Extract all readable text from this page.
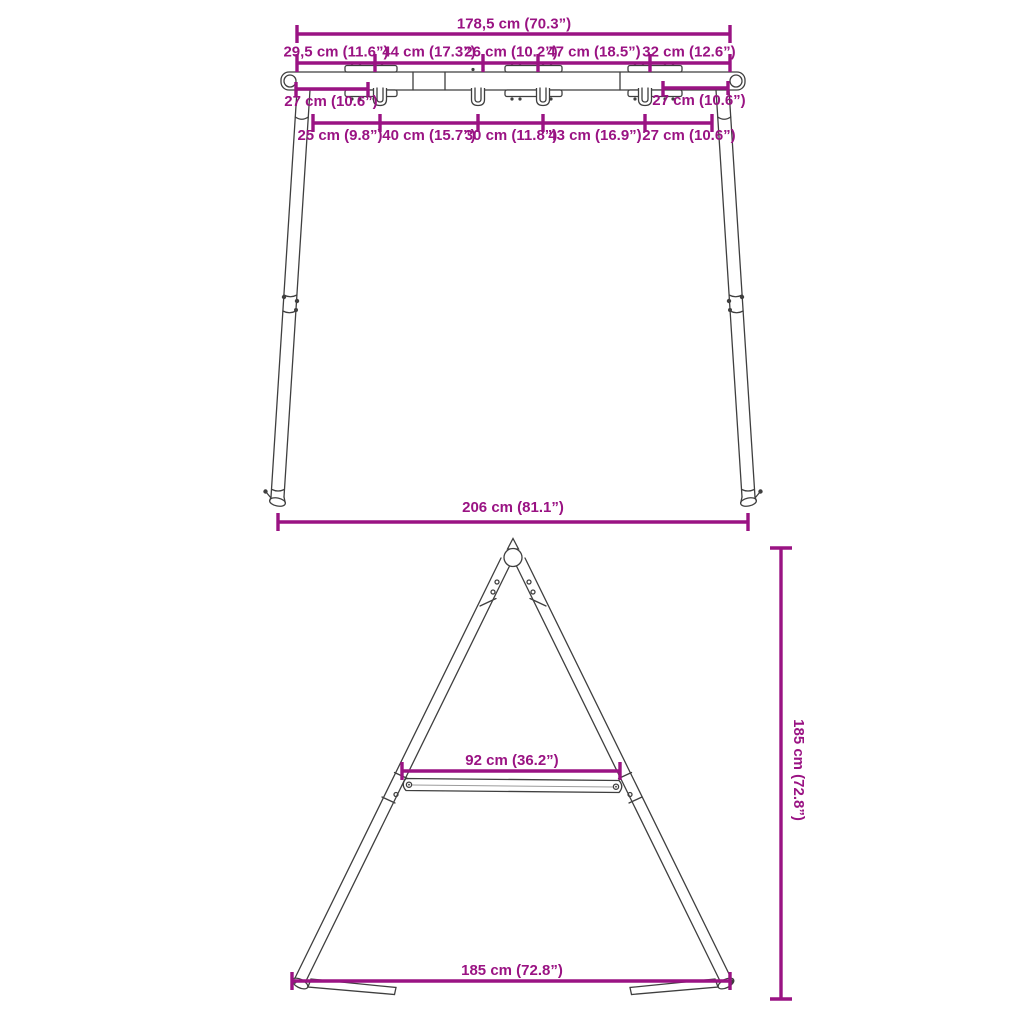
178,5 cm (70.3”)
29,5 cm (11.6”)
44 cm (17.3”)
26 cm (10.2”)
47 cm (18.5”) 32 cm (12.6”)
27 cm (10.6”)	27 cm (10.6”)
25 cm (9.8”) 40 cm (15.7”)
30 cm (11.8”)
43 cm (16.9”) 27 cm (10.6”)
206 cm (81.1”)
92 cm (36.2”)
185 cm (72.8”)
185 cm (72.8”)
